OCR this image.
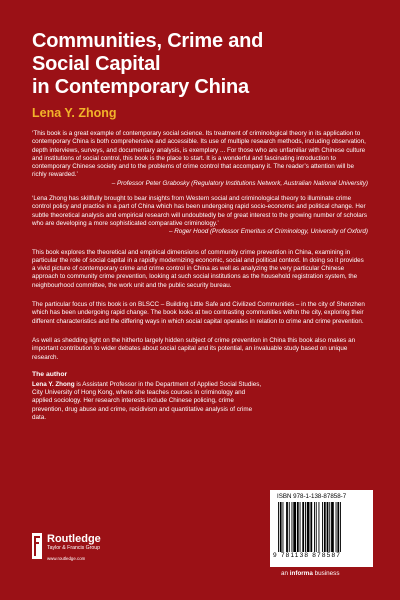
Communities, Crime and
Social Capital
in Contemporary China
Lena Y. Zhong

‘This book is a great example of contemporary social science. Its treatment of criminological theory in its application to contemporary China is both comprehensive and accessible. Its use of multiple research methods, including observation, depth interviews, surveys, and documentary analysis, is exemplary ... For those who are unfamiliar with Chinese culture and institutions of social control, this book is the place to start. It is a wonderful and fascinating introduction to contemporary Chinese society and to the problems of crime control that accompany it. The reader’s attention will be richly rewarded.’

– Professor Peter Grabosky (Regulatory Institutions Network, Australian National University)

‘Lena Zhong has skillfully brought to bear insights from Western social and criminological theory to illuminate crime control policy and practice in a part of China which has been undergoing rapid socio-economic and political change. Her subtle theoretical analysis and empirical research will undoubtedly be of great interest to the growing number of scholars who are developing a more sophisticated comparative criminology.’

– Roger Hood (Professor Emeritus of Criminology, University of Oxford)

This book explores the theoretical and empirical dimensions of community crime prevention in China, examining in particular the role of social capital in a rapidly modernizing economic, social and political context. In doing so it provides a vivid picture of contemporary crime and crime control in China as well as analyzing the very particular Chinese approach to community crime prevention, looking at such social institutions as the household registration system, the neighbourhood committee, the work unit and the public security bureau.

The particular focus of this book is on BLSCC – Building Little Safe and Civilized Communities – in the city of Shenzhen which has been undergoing rapid change. The book looks at two contrasting communities within the city, exploring their different characteristics and the differing ways in which social capital operates in relation to crime and crime prevention.

As well as shedding light on the hitherto largely hidden subject of crime prevention in China this book also makes an important contribution to wider debates about social capital and its potential, an invaluable study based on unique research.

The author

Lena Y. Zhong is Assistant Professor in the Department of Applied Social Studies, City University of Hong Kong, where she teaches courses in criminology and applied sociology. Her research interests include Chinese policing, crime prevention, drug abuse and crime, recidivism and quantitative analysis of crime data.

Routledge
Taylor & Francis Group
www.routledge.com
ISBN 978-1-138-87858-7
9 781138 878587
an informa business
